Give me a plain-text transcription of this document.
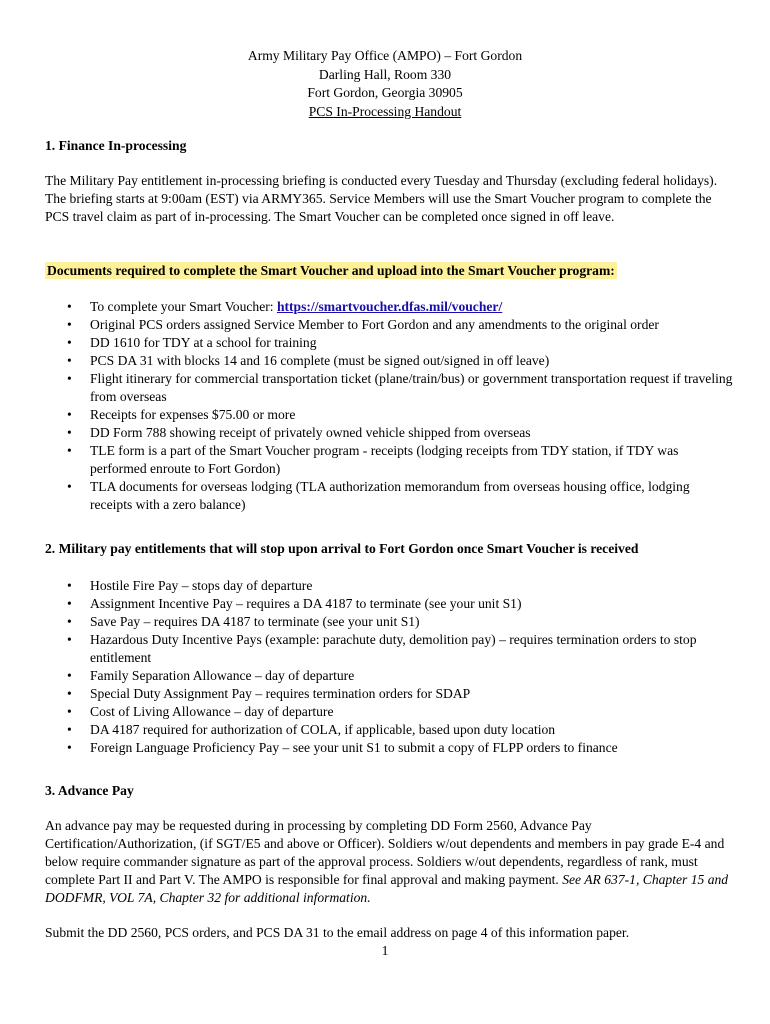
Army Military Pay Office (AMPO) – Fort Gordon
Darling Hall, Room 330
Fort Gordon, Georgia 30905
PCS In-Processing Handout
1. Finance In-processing

The Military Pay entitlement in-processing briefing is conducted every Tuesday and Thursday (excluding federal holidays). The briefing starts at 9:00am (EST) via ARMY365. Service Members will use the Smart Voucher program to complete the PCS travel claim as part of in-processing. The Smart Voucher can be completed once signed in off leave.

Documents required to complete the Smart Voucher and upload into the Smart Voucher program:
• To complete your Smart Voucher: https://smartvoucher.dfas.mil/voucher/
• Original PCS orders assigned Service Member to Fort Gordon and any amendments to the original order
• DD 1610 for TDY at a school for training
• PCS DA 31 with blocks 14 and 16 complete (must be signed out/signed in off leave)
• Flight itinerary for commercial transportation ticket (plane/train/bus) or government transportation request if traveling from overseas
• Receipts for expenses $75.00 or more
• DD Form 788 showing receipt of privately owned vehicle shipped from overseas
• TLE form is a part of the Smart Voucher program - receipts (lodging receipts from TDY station, if TDY was performed enroute to Fort Gordon)
• TLA documents for overseas lodging (TLA authorization memorandum from overseas housing office, lodging receipts with a zero balance)
2. Military pay entitlements that will stop upon arrival to Fort Gordon once Smart Voucher is received
• Hostile Fire Pay – stops day of departure
• Assignment Incentive Pay – requires a DA 4187 to terminate (see your unit S1)
• Save Pay – requires DA 4187 to terminate (see your unit S1)
• Hazardous Duty Incentive Pays (example: parachute duty, demolition pay) – requires termination orders to stop entitlement
• Family Separation Allowance – day of departure
• Special Duty Assignment Pay – requires termination orders for SDAP
• Cost of Living Allowance – day of departure
• DA 4187 required for authorization of COLA, if applicable, based upon duty location
• Foreign Language Proficiency Pay – see your unit S1 to submit a copy of FLPP orders to finance
3. Advance Pay

An advance pay may be requested during in processing by completing DD Form 2560, Advance Pay Certification/Authorization, (if SGT/E5 and above or Officer). Soldiers w/out dependents and members in pay grade E-4 and below require commander signature as part of the approval process. Soldiers w/out dependents, regardless of rank, must complete Part II and Part V. The AMPO is responsible for final approval and making payment. See AR 637-1, Chapter 15 and DODFMR, VOL 7A, Chapter 32 for additional information.

Submit the DD 2560, PCS orders, and PCS DA 31 to the email address on page 4 of this information paper.

1
